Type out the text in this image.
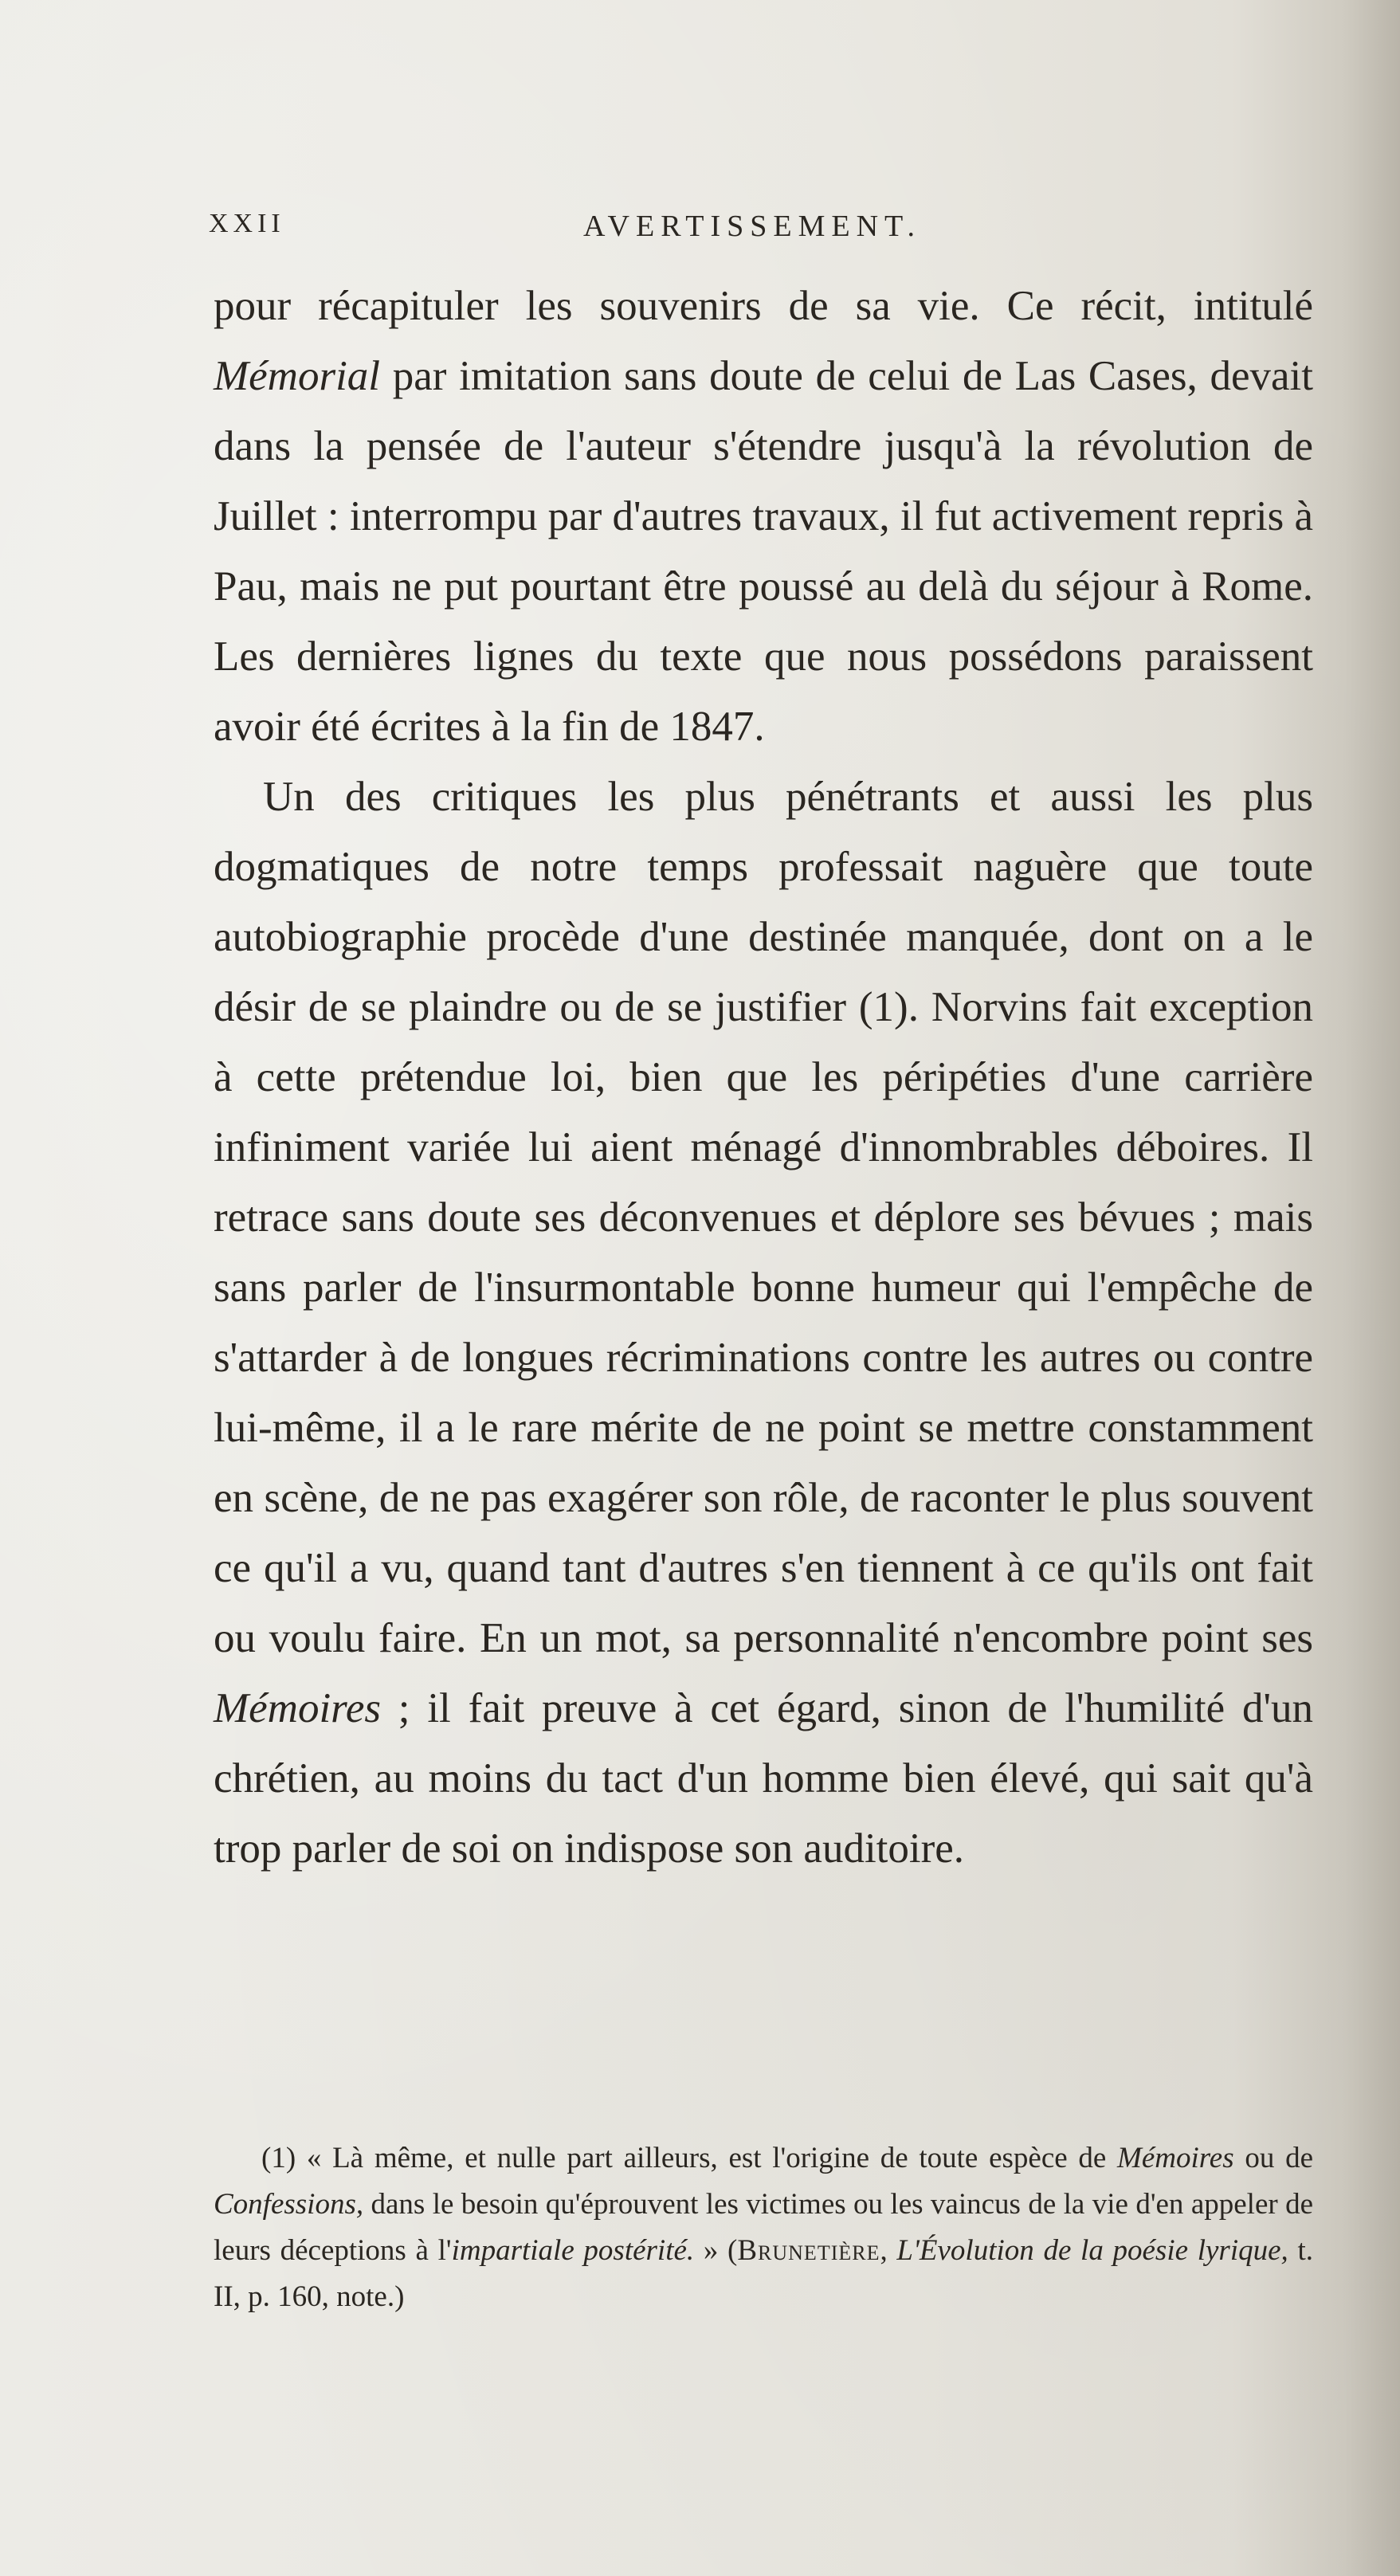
XXII	AVERTISSEMENT.

pour récapituler les souvenirs de sa vie. Ce récit, intitulé Mémorial par imitation sans doute de celui de Las Cases, devait dans la pensée de l'auteur s'étendre jusqu'à la révolution de Juillet : interrompu par d'autres travaux, il fut activement repris à Pau, mais ne put pourtant être poussé au delà du séjour à Rome. Les dernières lignes du texte que nous possédons paraissent avoir été écrites à la fin de 1847.

Un des critiques les plus pénétrants et aussi les plus dogmatiques de notre temps professait naguère que toute autobiographie procède d'une destinée manquée, dont on a le désir de se plaindre ou de se justifier (1). Norvins fait exception à cette prétendue loi, bien que les péripéties d'une carrière infiniment variée lui aient ménagé d'innombrables déboires. Il retrace sans doute ses déconvenues et déplore ses bévues ; mais sans parler de l'insurmontable bonne humeur qui l'empêche de s'attarder à de longues récriminations contre les autres ou contre lui-même, il a le rare mérite de ne point se mettre constamment en scène, de ne pas exagérer son rôle, de raconter le plus souvent ce qu'il a vu, quand tant d'autres s'en tiennent à ce qu'ils ont fait ou voulu faire. En un mot, sa personnalité n'encombre point ses Mémoires ; il fait preuve à cet égard, sinon de l'humilité d'un chrétien, au moins du tact d'un homme bien élevé, qui sait qu'à trop parler de soi on indispose son auditoire.

(1) « Là même, et nulle part ailleurs, est l'origine de toute espèce de Mémoires ou de Confessions, dans le besoin qu'éprouvent les victimes ou les vaincus de la vie d'en appeler de leurs déceptions à l'impartiale postérité. » (Brunetière, L'Évolution de la poésie lyrique, t. II, p. 160, note.)
